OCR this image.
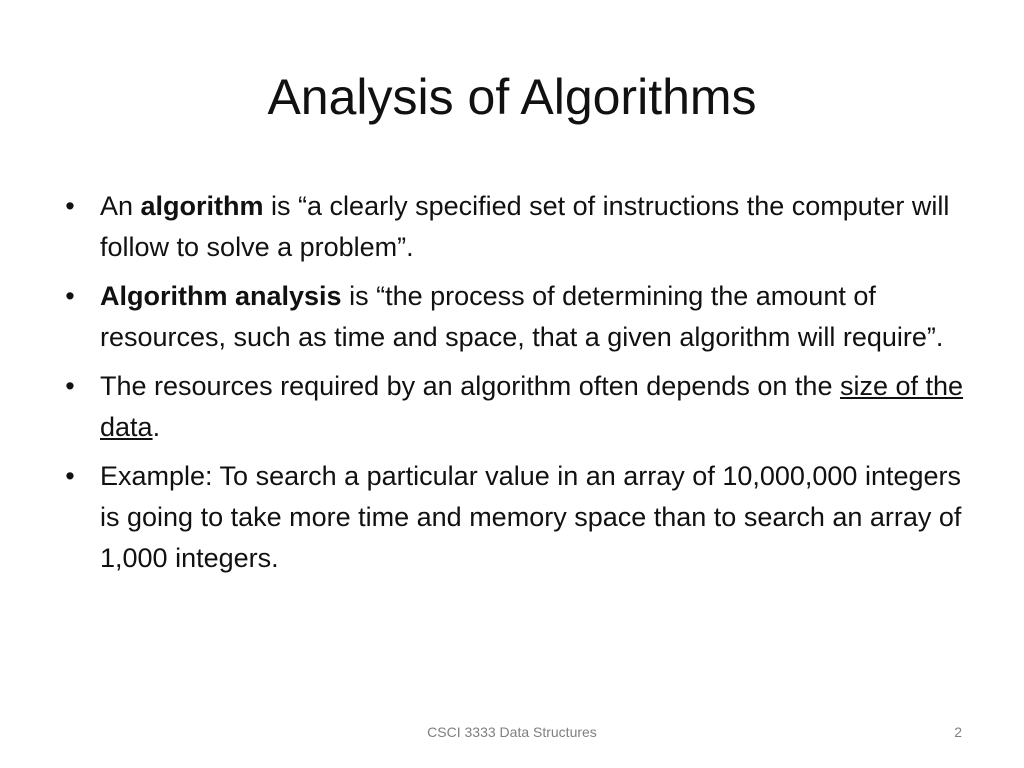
Analysis of Algorithms
• An algorithm is “a clearly specified set of instructions the computer will follow to solve a problem”.
• Algorithm analysis is “the process of determining the amount of resources, such as time and space, that a given algorithm will require”.
• The resources required by an algorithm often depends on the size of the data.
• Example: To search a particular value in an array of 10,000,000 integers is going to take more time and memory space than to search an array of 1,000 integers.
CSCI 3333 Data Structures	2
